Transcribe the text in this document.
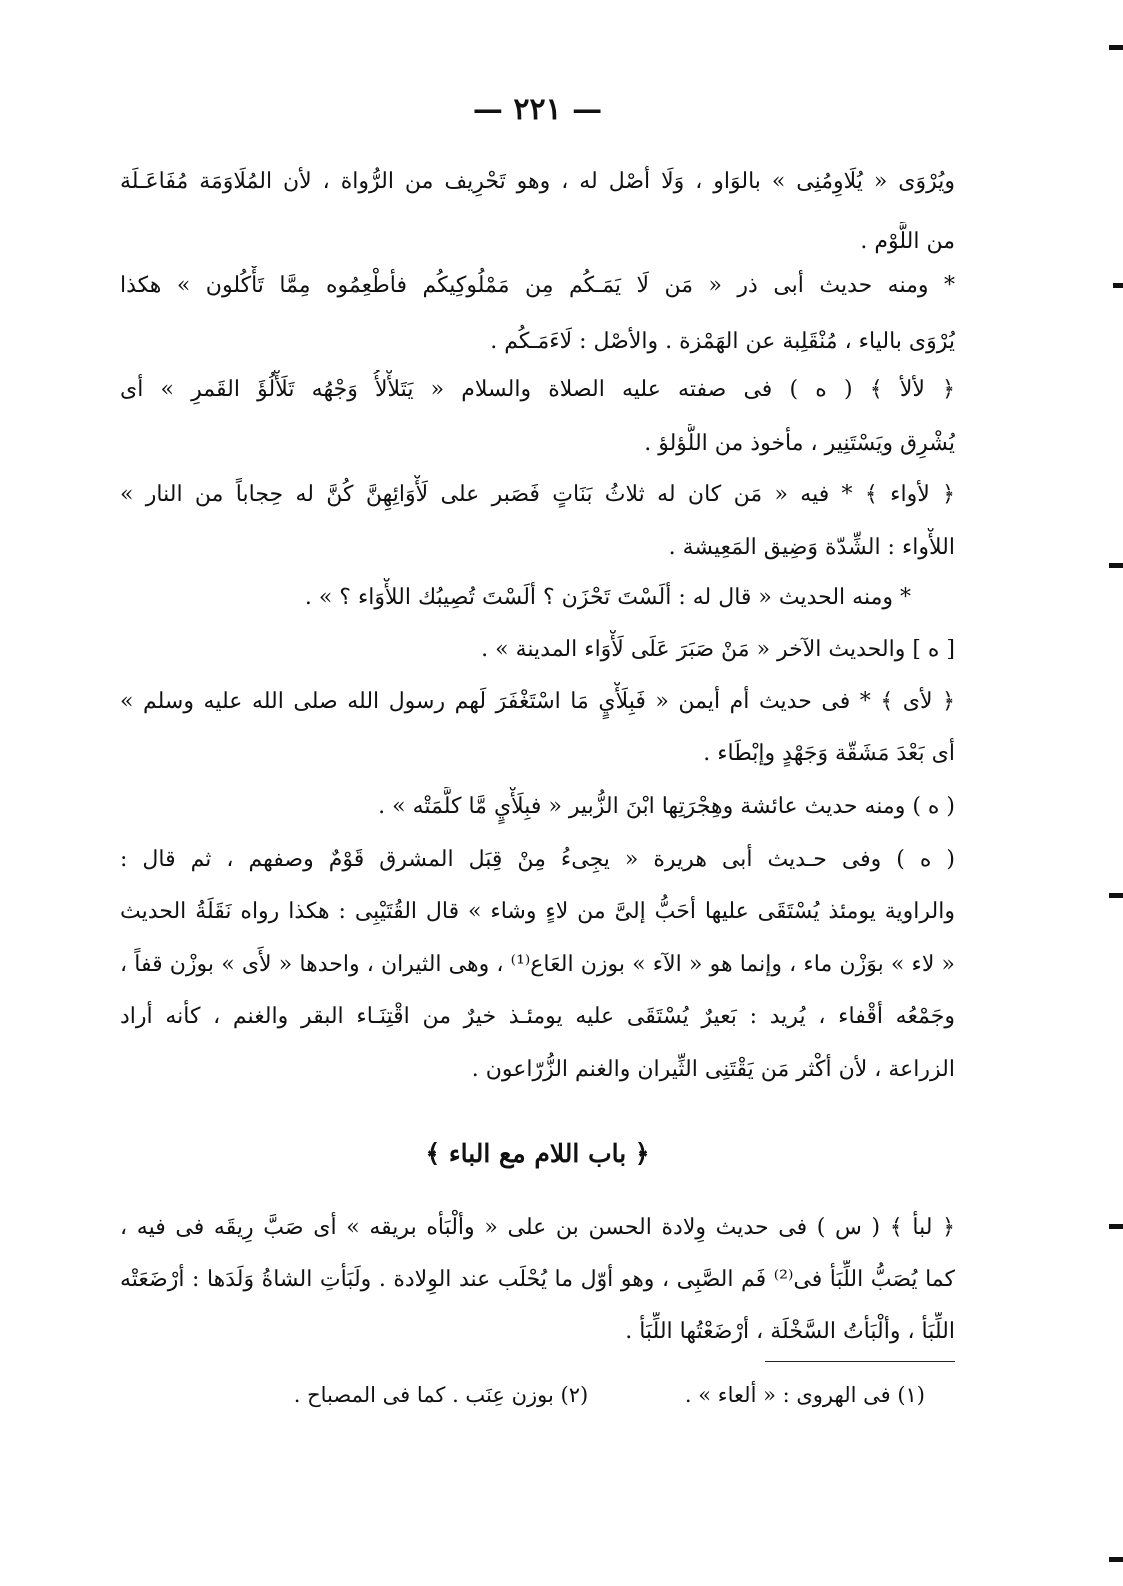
— ٢٢١ —
ويُرْوَى « يُلَاوِمُنِى » بالوَاو ، وَلَا أصْل له ، وهو تَحْرِيف من الرُّواة ، لأن المُلَاوَمَة مُفَاعَـلَة
من اللَّوْم .
* ومنه حديث أبى ذر « مَن لَا يَمَـكُم مِن مَمْلُوكِيكُم فأطْعِمُوه مِمَّا تَأْكُلون » هكذا
يُرْوَى بالياء ، مُنْقَلِبة عن الهَمْزة . والأصْل : لَاءَمَـكُم .
﴿ لألأ ﴾ ( ه ) فى صفته عليه الصلاة والسلام « يَتَلأْلأُ وَجْهُه تَلَأْلُؤَ القَمرِ » أى
يُشْرِق ويَسْتَنِير ، مأخوذ من اللُّؤلؤ .
﴿ لأواء ﴾ * فيه « مَن كان له ثلاثُ بَنَاتٍ فَصَبر على لَأْوَائِهِنَّ كُنَّ له حِجاباً من النار »
اللأْواء : الشِّدّة وَضِيق المَعِيشة .
* ومنه الحديث « قال له : ألَسْتَ تَحْزَن ؟ ألَسْتَ تُصِيبُك اللأْوَاء ؟ » .
[ ه ] والحديث الآخر « مَنْ صَبَرَ عَلَى لَأْوَاء المدينة » .
﴿ لأى ﴾ * فى حديث أم أيمن « فَبِلَأْيٍ مَا اسْتَغْفَرَ لَهم رسول الله صلى الله عليه وسلم »
أى بَعْدَ مَشَقّة وَجَهْدٍ وإبْطَاء .
( ه ) ومنه حديث عائشة وهِجْرَتِها ابْنَ الزُّبير « فبِلَأْيٍ مَّا كلَّمَتْه » .
( ه ) وفى حـديث أبى هريرة « يجِىءُ مِنْ قِبَل المشرق قَوْمٌ وصفهم ، ثم قال :
والراوية يومئذ يُسْتَقَى عليها أحَبُّ إلىَّ من لاءٍ وشاء » قال القُتَيْبِى : هكذا رواه نَقَلَةُ الحديث
« لاء » بوَزْن ماء ، وإنما هو « الآء » بوزن العَاع⁽¹⁾ ، وهى الثيران ، واحدها « لأَى » بوزْن قفاً ،
وجَمْعُه أقْفاء ، يُريد : بَعيرٌ يُسْتَقَى عليه يومئـذ خيرٌ من اقْتِنَـاء البقر والغنم ، كأنه أراد
الزراعة ، لأن أكْثر مَن يَقْتَنِى الثِّيران والغنم الزُّرّاعون .
﴿ باب اللام مع الباء ﴾
﴿ لبأ ﴾ ( س ) فى حديث وِلادة الحسن بن على « وألْبَأه بريقه » أى صَبَّ رِيقَه فى فيه ،
كما يُصَبُّ اللِّبَأ فى⁽²⁾ فَم الصَّبِى ، وهو أوّل ما يُحْلَب عند الوِلادة . ولَبَأتِ الشاةُ وَلَدَها : أرْضَعَتْه
اللِّبَأ ، وألْبَأتُ السَّخْلَة ، أرْضَعْتُها اللِّبَأ .
(١) فى الهروى : « ألعاء » . (٢) بوزن عِنَب . كما فى المصباح .
